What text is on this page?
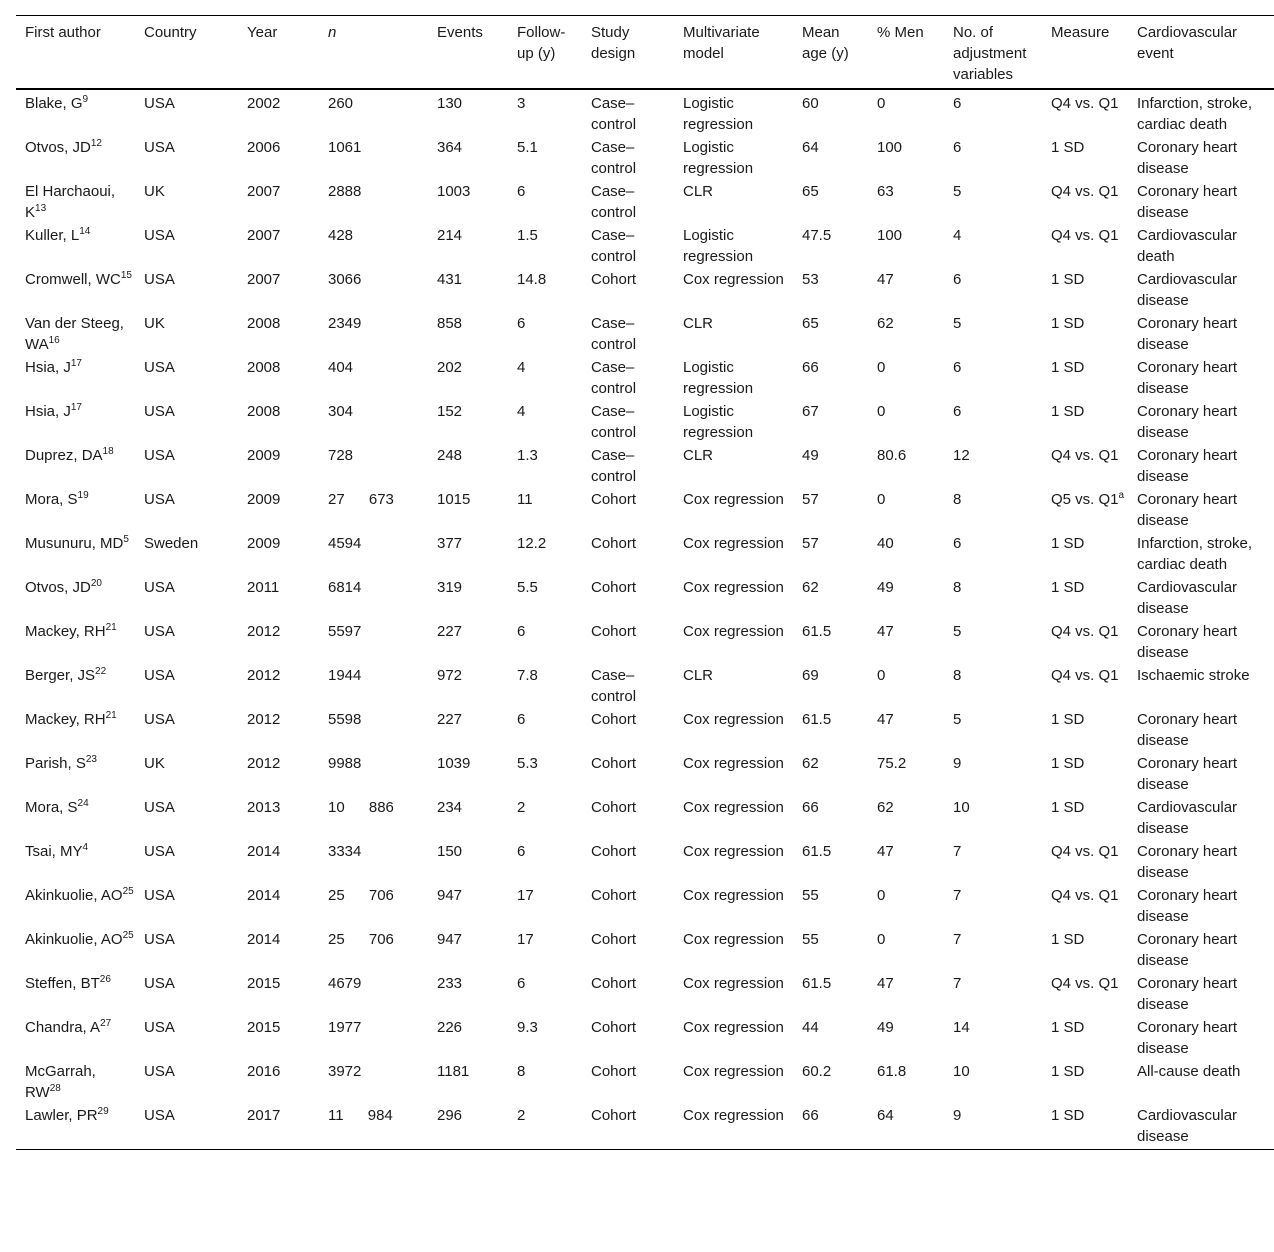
First author	Country	Year	n	Events	Follow-up (y)	Study design	Multivariate model	Mean age (y)	% Men	No. of adjustment variables	Measure	Cardiovascular event
Blake, $G^9$	USA	2002	260	130	3	Case–control	Logistic regression	60	0	6	Q4 vs. Q1	Infarction, stroke, cardiac death
Otvos, JD$^{12}$	USA	2006	1061	364	5.1	Case–control	Logistic regression	64	100	6	1 SD	Coronary heart disease
El Harchaoui, $K^{13}$	UK	2007	2888	1003	6	Case–control	CLR	65	63	5	Q4 vs. Q1	Coronary heart disease
Kuller, $L^{14}$	USA	2007	428	214	1.5	Case–control	Logistic regression	47.5	100	4	Q4 vs. Q1	Cardiovascular death
Cromwell, WC$^{15}$	USA	2007	3066	431	14.8	Cohort	Cox regression	53	47	6	1 SD	Cardiovascular disease
Van der Steeg, WA$^{16}$	UK	2008	2349	858	6	Case–control	CLR	65	62	5	1 SD	Coronary heart disease
Hsia, $J^{17}$	USA	2008	404	202	4	Case–control	Logistic regression	66	0	6	1 SD	Coronary heart disease
Hsia, $J^{17}$	USA	2008	304	152	4	Case–control	Logistic regression	67	0	6	1 SD	Coronary heart disease
Duprez, DA$^{18}$	USA	2009	728	248	1.3	Case–control	CLR	49	80.6	12	Q4 vs. Q1	Coronary heart disease
Mora, $S^{19}$	USA	2009	27 673	1015	11	Cohort	Cox regression	57	0	8	Q5 vs. Q1$^a$	Coronary heart disease
Musunuru, $MD^5$	Sweden	2009	4594	377	12.2	Cohort	Cox regression	57	40	6	1 SD	Infarction, stroke, cardiac death
Otvos, JD$^{20}$	USA	2011	6814	319	5.5	Cohort	Cox regression	62	49	8	1 SD	Cardiovascular disease
Mackey, RH$^{21}$	USA	2012	5597	227	6	Cohort	Cox regression	61.5	47	5	Q4 vs. Q1	Coronary heart disease
Berger, JS$^{22}$	USA	2012	1944	972	7.8	Case–control	CLR	69	0	8	Q4 vs. Q1	Ischaemic stroke
Mackey, RH$^{21}$	USA	2012	5598	227	6	Cohort	Cox regression	61.5	47	5	1 SD	Coronary heart disease
Parish, $S^{23}$	UK	2012	9988	1039	5.3	Cohort	Cox regression	62	75.2	9	1 SD	Coronary heart disease
Mora, $S^{24}$	USA	2013	10 886	234	2	Cohort	Cox regression	66	62	10	1 SD	Cardiovascular disease
Tsai, $MY^4$	USA	2014	3334	150	6	Cohort	Cox regression	61.5	47	7	Q4 vs. Q1	Coronary heart disease
Akinkuolie, AO$^{25}$	USA	2014	25 706	947	17	Cohort	Cox regression	55	0	7	Q4 vs. Q1	Coronary heart disease
Akinkuolie, AO$^{25}$	USA	2014	25 706	947	17	Cohort	Cox regression	55	0	7	1 SD	Coronary heart disease
Steffen, BT$^{26}$	USA	2015	4679	233	6	Cohort	Cox regression	61.5	47	7	Q4 vs. Q1	Coronary heart disease
Chandra, $A^{27}$	USA	2015	1977	226	9.3	Cohort	Cox regression	44	49	14	1 SD	Coronary heart disease
McGarrah, RW$^{28}$	USA	2016	3972	1181	8	Cohort	Cox regression	60.2	61.8	10	1 SD	All-cause death
Lawler, PR$^{29}$	USA	2017	11 984	296	2	Cohort	Cox regression	66	64	9	1 SD	Cardiovascular disease
